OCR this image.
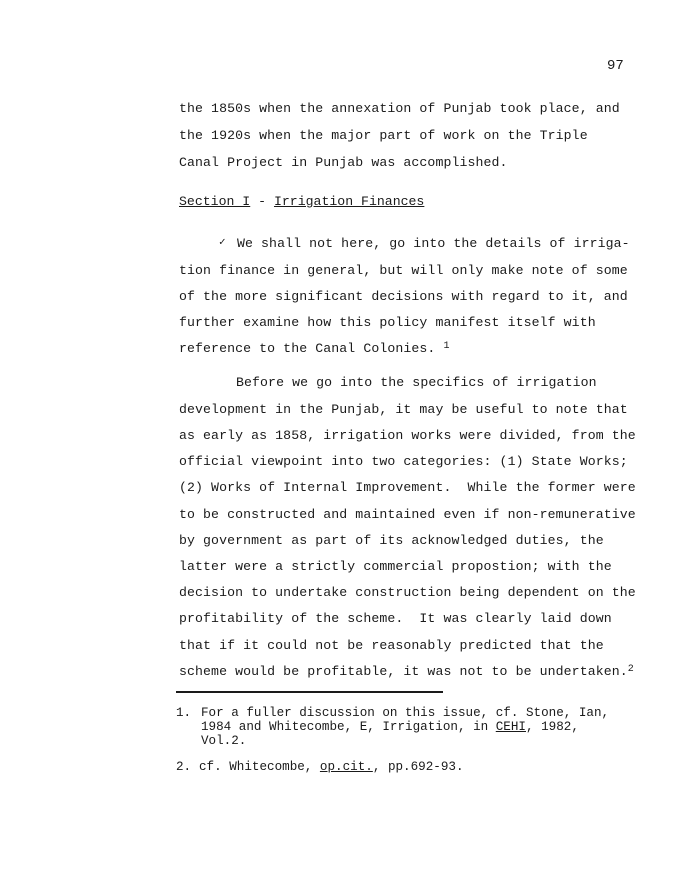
97
the 1850s when the annexation of Punjab took place, and
the 1920s when the major part of work on the Triple
Canal Project in Punjab was accomplished.
Section I - Irrigation Finances
✓ We shall not here, go into the details of irriga-
tion finance in general, but will only make note of some
of the more significant decisions with regard to it, and
further examine how this policy manifest itself with
reference to the Canal Colonies. $^1$
Before we go into the specifics of irrigation
development in the Punjab, it may be useful to note that
as early as 1858, irrigation works were divided, from the
official viewpoint into two categories: (1) State Works;
(2) Works of Internal Improvement.  While the former were
to be constructed and maintained even if non-remunerative
by government as part of its acknowledged duties, the
latter were a strictly commercial propostion; with the
decision to undertake construction being dependent on the
profitability of the scheme.  It was clearly laid down
that if it could not be reasonably predicted that the
scheme would be profitable, it was not to be undertaken.$^2$
1. For a fuller discussion on this issue, cf. Stone, Ian,
1984 and Whitecombe, E, Irrigation, in CEHI, 1982,
Vol.2.
2. cf. Whitecombe, op.cit., pp.692-93.
